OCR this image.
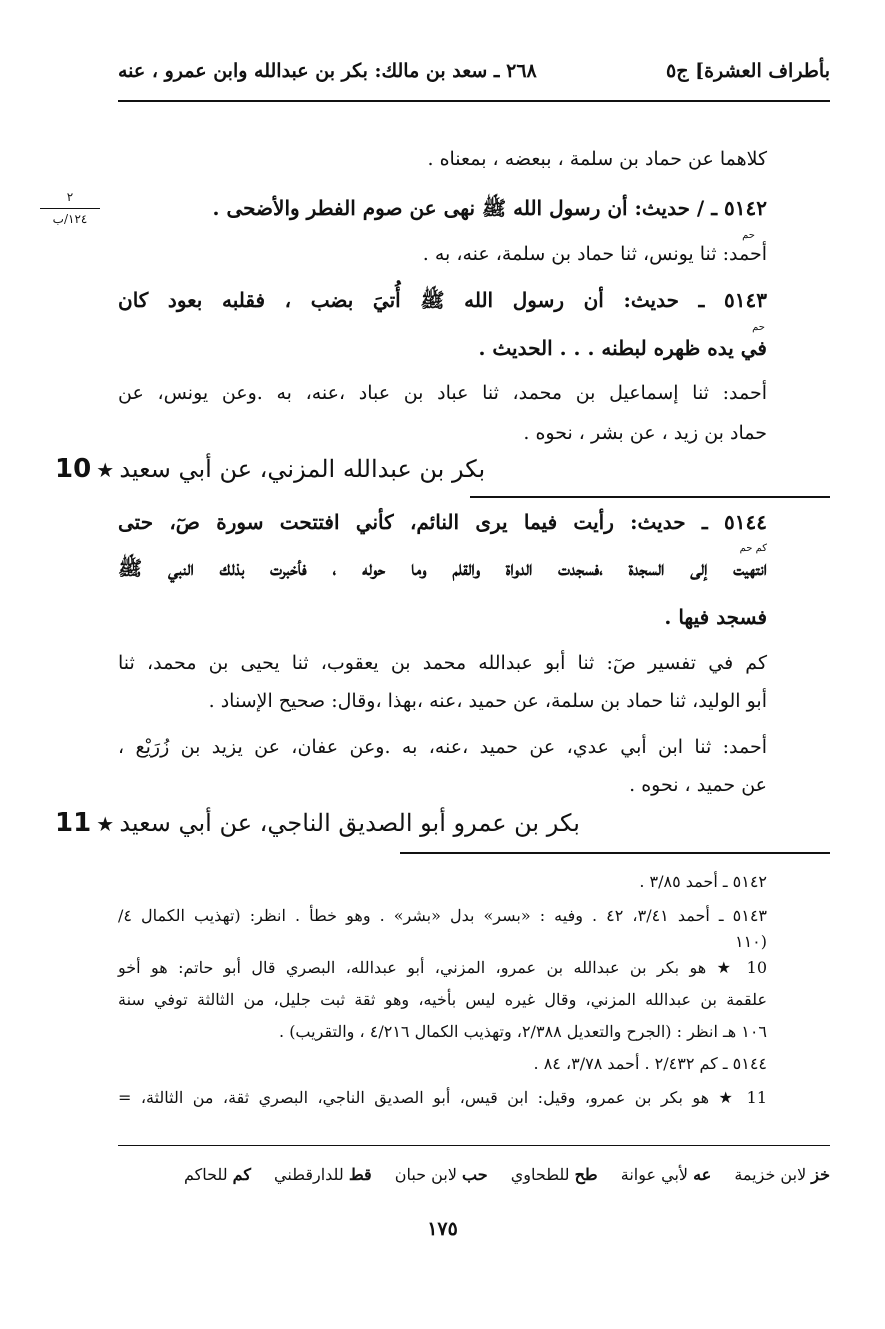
بأطراف العشرة] ج٥
٢٦٨ ـ سعد بن مالك: بكر بن عبدالله وابن عمرو ، عنه
٢
١٢٤/ب
كلاهما عن حماد بن سلمة ، ببعضه ، بمعناه .
٥١٤٢ ـ / حديث: أن رسول الله ﷺ نهى عن صوم الفطر والأضحى .
حم
أحمد: ثنا يونس، ثنا حماد بن سلمة، عنه، به .
٥١٤٣ ـ حديث: أن رسول الله ﷺ أُتيَ بضب ، فقلبه بعود كان
حم
في يده ظهره لبطنه . . . الحديث .
أحمد: ثنا إسماعيل بن محمد، ثنا عباد بن عباد ،عنه، به .وعن يونس، عن
حماد بن زيد ، عن بشر ، نحوه .
10 ★ بكر بن عبدالله المزني، عن أبي سعيد
٥١٤٤ ـ حديث: رأيت فيما يرى النائم، كأني افتتحت سورة صٓ، حتى
كم حم
انتهيت إلى السجدة ،فسجدت الدواة والقلم وما حوله ، فأخبرت بذلك النبي ﷺ
فسجد فيها .
كم في تفسير صٓ: ثنا أبو عبدالله محمد بن يعقوب، ثنا يحيى بن محمد، ثنا
أبو الوليد، ثنا حماد بن سلمة، عن حميد ،عنه ،بهذا ،وقال: صحيح الإسناد .
أحمد: ثنا ابن أبي عدي، عن حميد ،عنه، به .وعن عفان، عن يزيد بن زُرَيْع ،
عن حميد ، نحوه .
11 ★ بكر بن عمرو أبو الصديق الناجي، عن أبي سعيد
٥١٤٢ ـ أحمد ٣/٨٥ .
٥١٤٣ ـ أحمد ٣/٤١، ٤٢ . وفيه : «بسر» بدل «بشر» . وهو خطأ . انظر: (تهذيب الكمال ٤/
١١٠)
10 ★ هو بكر بن عبدالله بن عمرو، المزني، أبو عبدالله، البصري قال أبو حاتم: هو أخو
علقمة بن عبدالله المزني، وقال غيره ليس بأخيه، وهو ثقة ثبت جليل، من الثالثة توفي سنة
١٠٦ هـ انظر : (الجرح والتعديل ٢/٣٨٨، وتهذيب الكمال ٤/٢١٦ ، والتقريب) .
٥١٤٤ ـ كم ٢/٤٣٢ . أحمد ٣/٧٨، ٨٤ .
11 ★ هو بكر بن عمرو، وقيل: ابن قيس، أبو الصديق الناجي، البصري ثقة، من الثالثة، =
خز لابن خزيمة عه لأبي عوانة طح للطحاوي حب لابن حبان قط للدارقطني كم للحاكم
١٧٥
